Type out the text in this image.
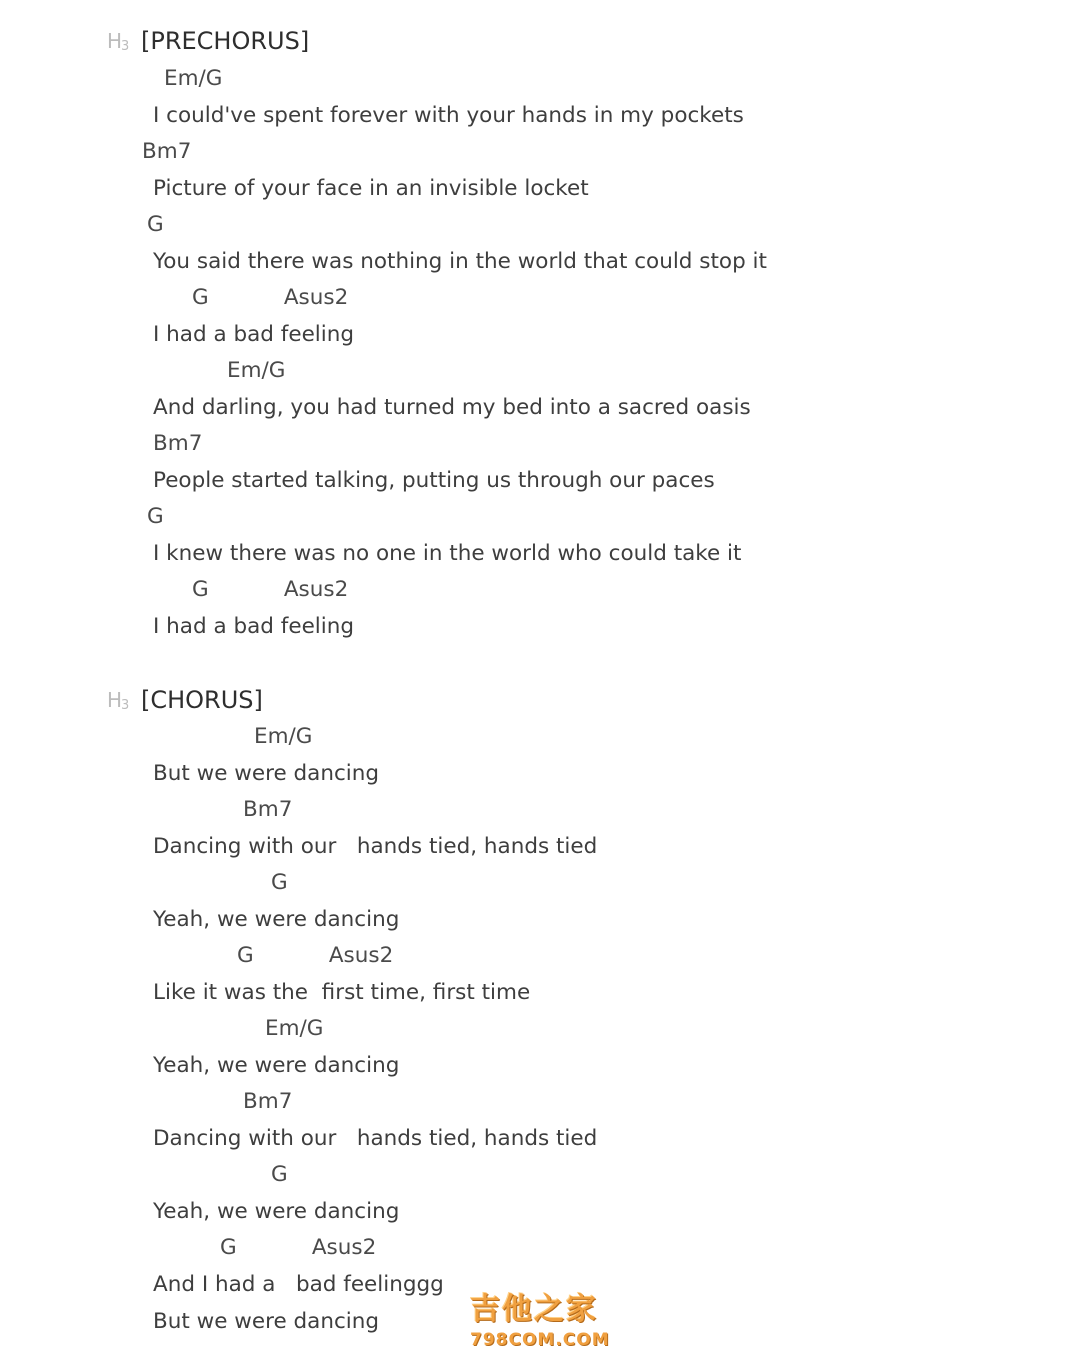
$H_3$ [PRECHORUS]
Em/G
I could've spent forever with your hands in my pockets
Bm7
Picture of your face in an invisible locket
G
You said there was nothing in the world that could stop it
G           Asus2
I had a bad feeling
Em/G
And darling, you had turned my bed into a sacred oasis
Bm7
People started talking, putting us through our paces
G
I knew there was no one in the world who could take it
G           Asus2
I had a bad feeling
$H_3$ [CHORUS]
Em/G
But we were dancing
Bm7
Dancing with our   hands tied, hands tied
G
Yeah, we were dancing
G           Asus2
Like it was the  first time, first time
Em/G
Yeah, we were dancing
Bm7
Dancing with our   hands tied, hands tied
G
Yeah, we were dancing
G           Asus2
And I had a   bad feelinggg
But we were dancing	吉他之家
798COM.COM
